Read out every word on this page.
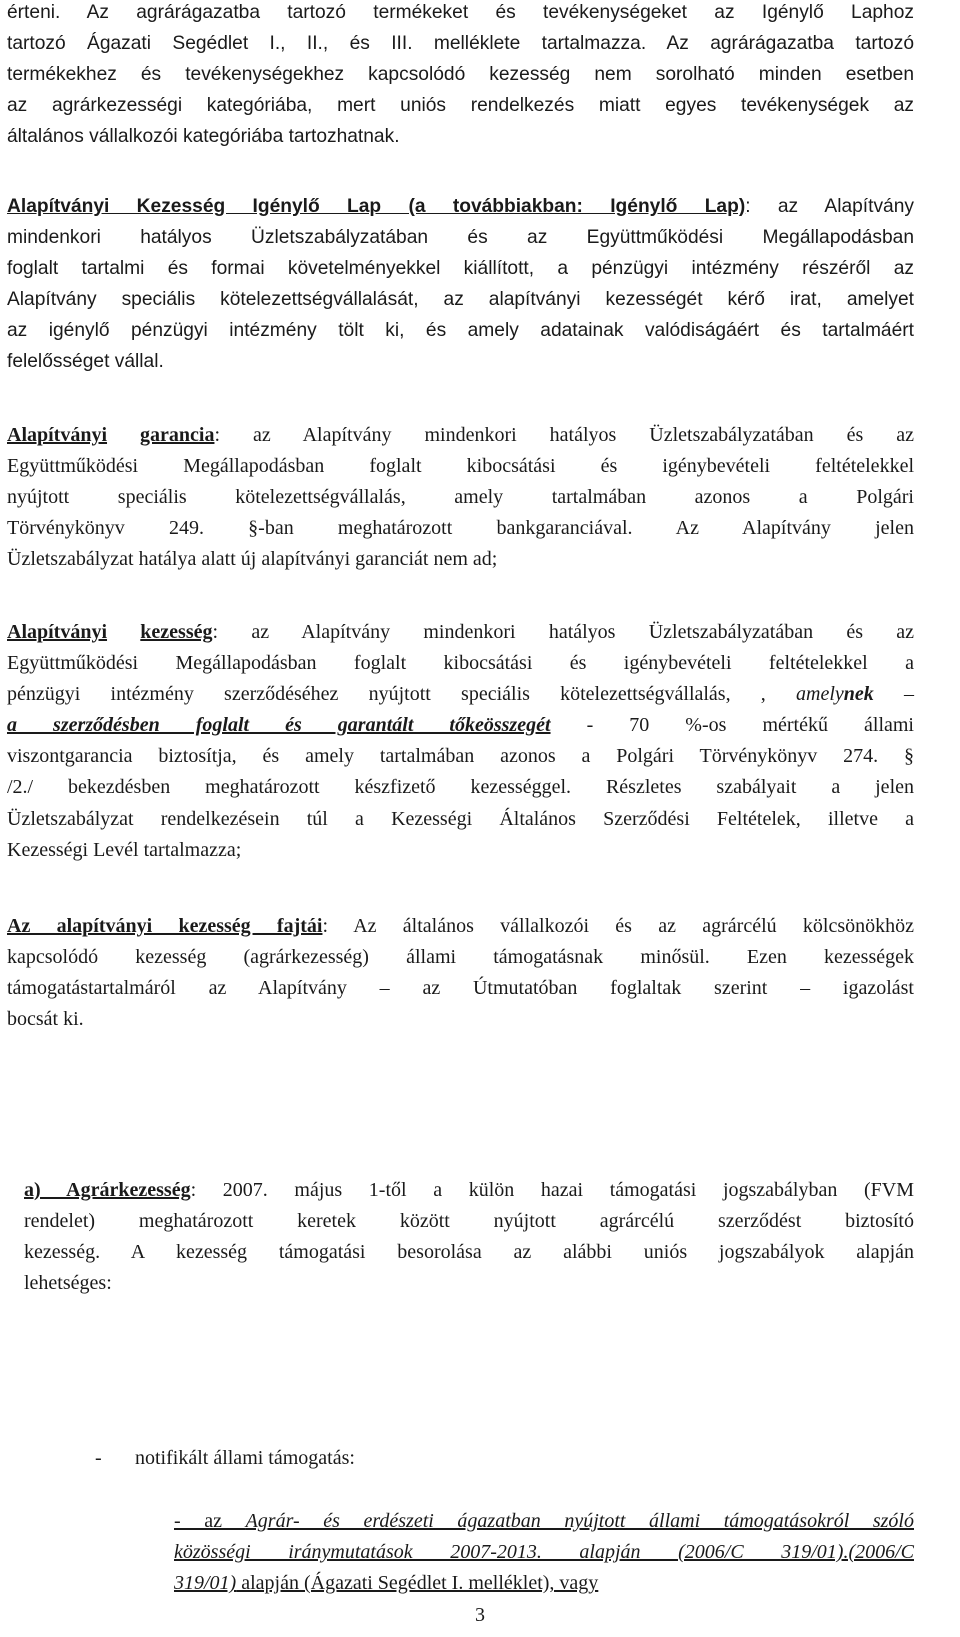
érteni. Az agrárágazatba tartozó termékeket és tevékenységeket az Igénylő Laphoz
tartozó Ágazati Segédlet I., II., és III. melléklete tartalmazza. Az agrárágazatba tartozó
termékekhez és tevékenységekhez kapcsolódó kezesség nem sorolható minden esetben
az agrárkezességi kategóriába, mert uniós rendelkezés miatt egyes tevékenységek az
általános vállalkozói kategóriába tartozhatnak.
Alapítványi Kezesség Igénylő Lap (a továbbiakban: Igénylő Lap): az Alapítvány
mindenkori hatályos Üzletszabályzatában és az Együttműködési Megállapodásban
foglalt tartalmi és formai követelményekkel kiállított, a pénzügyi intézmény részéről az
Alapítvány speciális kötelezettségvállalását, az alapítványi kezességét kérő irat, amelyet
az igénylő pénzügyi intézmény tölt ki, és amely adatainak valódiságáért és tartalmáért
felelősséget vállal.
Alapítványi garancia: az Alapítvány mindenkori hatályos Üzletszabályzatában és az
Együttműködési Megállapodásban foglalt kibocsátási és igénybevételi feltételekkel
nyújtott speciális kötelezettségvállalás, amely tartalmában azonos a Polgári
Törvénykönyv 249. §-ban meghatározott bankgaranciával. Az Alapítvány jelen
Üzletszabályzat hatálya alatt új alapítványi garanciát nem ad;
Alapítványi kezesség: az Alapítvány mindenkori hatályos Üzletszabályzatában és az
Együttműködési Megállapodásban foglalt kibocsátási és igénybevételi feltételekkel a
pénzügyi intézmény szerződéséhez nyújtott speciális kötelezettségvállalás, , amelynek –
a szerződésben foglalt és garantált tőkeösszegét - 70 %-os mértékű állami
viszontgarancia biztosítja, és amely tartalmában azonos a Polgári Törvénykönyv 274. §
/2./ bekezdésben meghatározott készfizető kezességgel. Részletes szabályait a jelen
Üzletszabályzat rendelkezésein túl a Kezességi Általános Szerződési Feltételek, illetve a
Kezességi Levél tartalmazza;
Az alapítványi kezesség fajtái: Az általános vállalkozói és az agrárcélú kölcsönökhöz
kapcsolódó kezesség (agrárkezesség) állami támogatásnak minősül. Ezen kezességek
támogatástartalmáról az Alapítvány – az Útmutatóban foglaltak szerint – igazolást
bocsát ki.
a) Agrárkezesség: 2007. május 1-től a külön hazai támogatási jogszabályban (FVM
rendelet) meghatározott keretek között nyújtott agrárcélú szerződést biztosító
kezesség. A kezesség támogatási besorolása az alábbi uniós jogszabályok alapján
lehetséges:
- notifikált állami támogatás:
- az Agrár- és erdészeti ágazatban nyújtott állami támogatásokról szóló
közösségi iránymutatások 2007-2013. alapján (2006/C 319/01).(2006/C
319/01) alapján (Ágazati Segédlet I. melléklet), vagy
3
